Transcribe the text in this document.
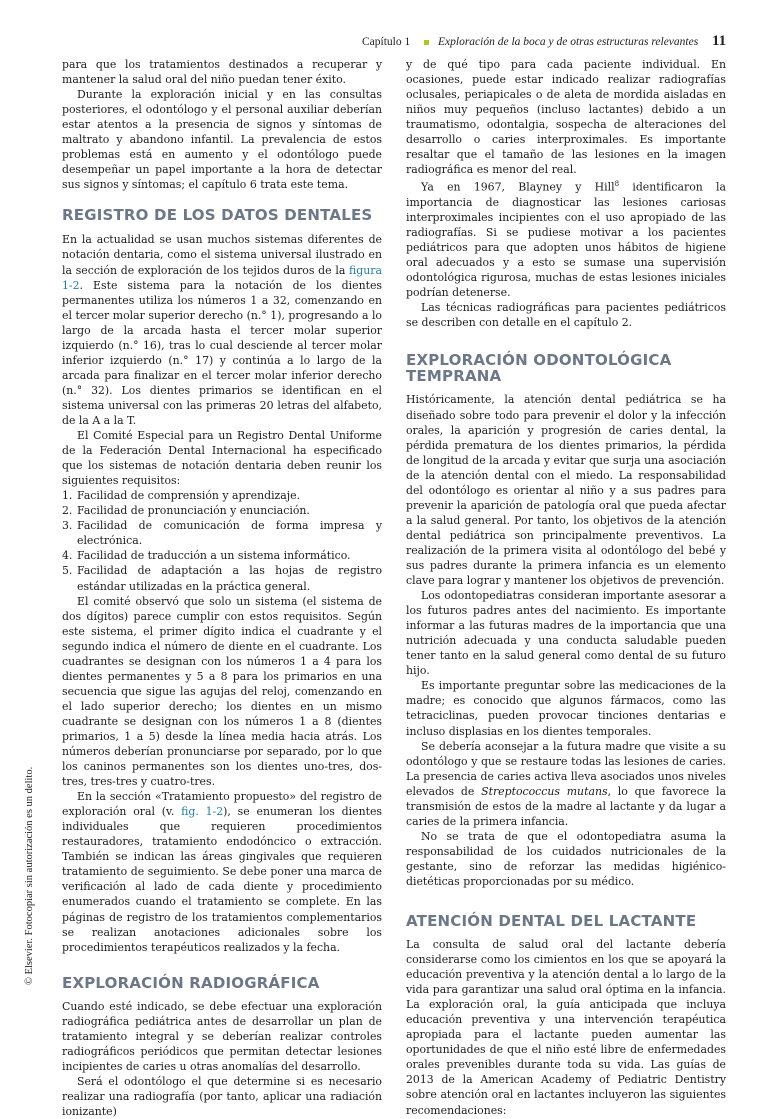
Capítulo 1 Exploración de la boca y de otras estructuras relevantes 11
© Elsevier. Fotocopiar sin autorización es un delito.

para que los tratamientos destinados a recuperar y mantener la salud oral del niño puedan tener éxito.

Durante la exploración inicial y en las consultas posteriores, el odontólogo y el personal auxiliar deberían estar atentos a la presencia de signos y síntomas de maltrato y abandono infantil. La prevalencia de estos problemas está en aumento y el odontólogo puede desempeñar un papel importante a la hora de detectar sus signos y síntomas; el capítulo 6 trata este tema.

REGISTRO DE LOS DATOS DENTALES

En la actualidad se usan muchos sistemas diferentes de notación dentaria, como el sistema universal ilustrado en la sección de exploración de los tejidos duros de la figura 1-2. Este sistema para la notación de los dientes permanentes utiliza los números 1 a 32, comenzando en el tercer molar superior derecho (n.° 1), progresando a lo largo de la arcada hasta el tercer molar superior izquierdo (n.° 16), tras lo cual desciende al tercer molar inferior izquierdo (n.° 17) y continúa a lo largo de la arcada para finalizar en el tercer molar inferior derecho (n.° 32). Los dientes primarios se identifican en el sistema universal con las primeras 20 letras del alfabeto, de la A a la T.

El Comité Especial para un Registro Dental Uniforme de la Federación Dental Internacional ha especificado que los sistemas de notación dentaria deben reunir los siguientes requisitos:

1. Facilidad de comprensión y aprendizaje.
2. Facilidad de pronunciación y enunciación.
3. Facilidad de comunicación de forma impresa y electrónica.
4. Facilidad de traducción a un sistema informático.
5. Facilidad de adaptación a las hojas de registro estándar utilizadas en la práctica general.

El comité observó que solo un sistema (el sistema de dos dígitos) parece cumplir con estos requisitos. Según este sistema, el primer dígito indica el cuadrante y el segundo indica el número de diente en el cuadrante. Los cuadrantes se designan con los números 1 a 4 para los dientes permanentes y 5 a 8 para los primarios en una secuencia que sigue las agujas del reloj, comenzando en el lado superior derecho; los dientes en un mismo cuadrante se designan con los números 1 a 8 (dientes primarios, 1 a 5) desde la línea media hacia atrás. Los números deberían pronunciarse por separado, por lo que los caninos permanentes son los dientes uno-tres, dos-tres, tres-tres y cuatro-tres.

En la sección «Tratamiento propuesto» del registro de exploración oral (v. fig. 1-2), se enumeran los dientes individuales que requieren procedimientos restauradores, tratamiento endodóncico o extracción. También se indican las áreas gingivales que requieren tratamiento de seguimiento. Se debe poner una marca de verificación al lado de cada diente y procedimiento enumerados cuando el tratamiento se complete. En las páginas de registro de los tratamientos complementarios se realizan anotaciones adicionales sobre los procedimientos terapéuticos realizados y la fecha.

EXPLORACIÓN RADIOGRÁFICA

Cuando esté indicado, se debe efectuar una exploración radiográfica pediátrica antes de desarrollar un plan de tratamiento integral y se deberían realizar controles radiográficos periódicos que permitan detectar lesiones incipientes de caries u otras anomalías del desarrollo.

Será el odontólogo el que determine si es necesario realizar una radiografía (por tanto, aplicar una radiación ionizante)

y de qué tipo para cada paciente individual. En ocasiones, puede estar indicado realizar radiografías oclusales, periapicales o de aleta de mordida aisladas en niños muy pequeños (incluso lactantes) debido a un traumatismo, odontalgia, sospecha de alteraciones del desarrollo o caries interproximales. Es importante resaltar que el tamaño de las lesiones en la imagen radiográfica es menor del real.

Ya en 1967, Blayney y Hill$^8$ identificaron la importancia de diagnosticar las lesiones cariosas interproximales incipientes con el uso apropiado de las radiografías. Si se pudiese motivar a los pacientes pediátricos para que adopten unos hábitos de higiene oral adecuados y a esto se sumase una supervisión odontológica rigurosa, muchas de estas lesiones iniciales podrían detenerse.

Las técnicas radiográficas para pacientes pediátricos se describen con detalle en el capítulo 2.

EXPLORACIÓN ODONTOLÓGICA TEMPRANA

Históricamente, la atención dental pediátrica se ha diseñado sobre todo para prevenir el dolor y la infección orales, la aparición y progresión de caries dental, la pérdida prematura de los dientes primarios, la pérdida de longitud de la arcada y evitar que surja una asociación de la atención dental con el miedo. La responsabilidad del odontólogo es orientar al niño y a sus padres para prevenir la aparición de patología oral que pueda afectar a la salud general. Por tanto, los objetivos de la atención dental pediátrica son principalmente preventivos. La realización de la primera visita al odontólogo del bebé y sus padres durante la primera infancia es un elemento clave para lograr y mantener los objetivos de prevención.

Los odontopediatras consideran importante asesorar a los futuros padres antes del nacimiento. Es importante informar a las futuras madres de la importancia que una nutrición adecuada y una conducta saludable pueden tener tanto en la salud general como dental de su futuro hijo.

Es importante preguntar sobre las medicaciones de la madre; es conocido que algunos fármacos, como las tetraciclinas, pueden provocar tinciones dentarias e incluso displasias en los dientes temporales.

Se debería aconsejar a la futura madre que visite a su odontólogo y que se restaure todas las lesiones de caries. La presencia de caries activa lleva asociados unos niveles elevados de Streptococcus mutans, lo que favorece la transmisión de estos de la madre al lactante y da lugar a caries de la primera infancia.

No se trata de que el odontopediatra asuma la responsabilidad de los cuidados nutricionales de la gestante, sino de reforzar las medidas higiénico-dietéticas proporcionadas por su médico.

ATENCIÓN DENTAL DEL LACTANTE

La consulta de salud oral del lactante debería considerarse como los cimientos en los que se apoyará la educación preventiva y la atención dental a lo largo de la vida para garantizar una salud oral óptima en la infancia. La exploración oral, la guía anticipada que incluya educación preventiva y una intervención terapéutica apropiada para el lactante pueden aumentar las oportunidades de que el niño esté libre de enfermedades orales prevenibles durante toda su vida. Las guías de 2013 de la American Academy of Pediatric Dentistry sobre atención oral en lactantes incluyeron las siguientes recomendaciones:
